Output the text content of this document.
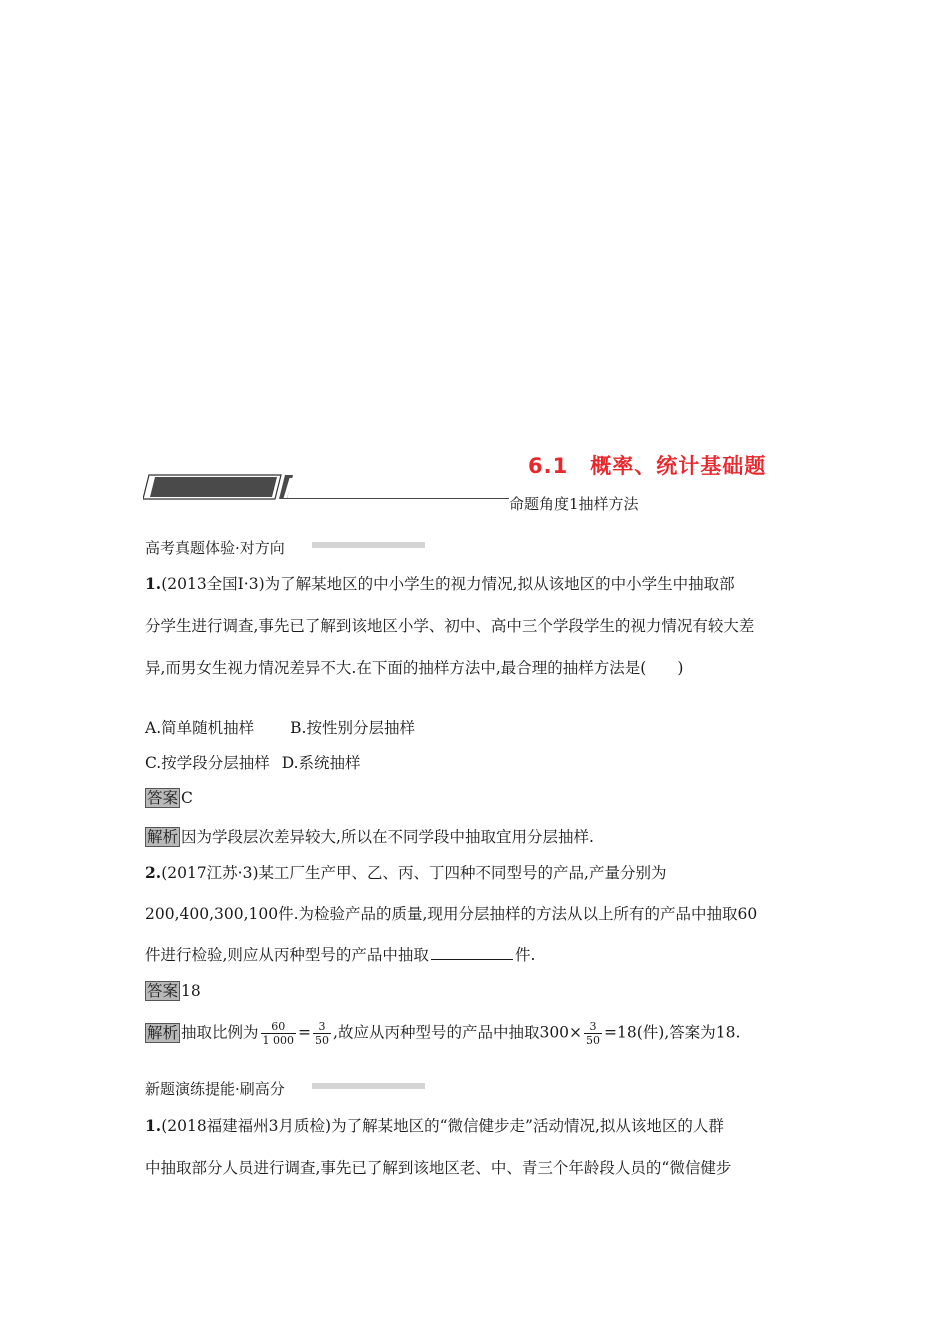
6.1 概率、统计基础题
命题角度1抽样方法
高考真题体验·对方向
1.(2013全国Ⅰ·3)为了解某地区的中小学生的视力情况,拟从该地区的中小学生中抽取部
分学生进行调查,事先已了解到该地区小学、初中、高中三个学段学生的视力情况有较大差
异,而男女生视力情况差异不大.在下面的抽样方法中,最合理的抽样方法是(　　)
A.简单随机抽样 B.按性别分层抽样
C.按学段分层抽样 D.系统抽样
答案 C
解析 因为学段层次差异较大,所以在不同学段中抽取宜用分层抽样.
2.(2017江苏·3)某工厂生产甲、乙、丙、丁四种不同型号的产品,产量分别为
200,400,300,100件.为检验产品的质量,现用分层抽样的方法从以上所有的产品中抽取60
件进行检验,则应从丙种型号的产品中抽取	件.
答案 18
解析 抽取比例为 $\frac{60}{1 000} = \frac{3}{50}$ ,故应从丙种型号的产品中抽取$300\times \frac{3}{50} =18$(件),答案为18.
新题演练提能·刷高分
1.(2018福建福州3月质检)为了解某地区的“微信健步走”活动情况,拟从该地区的人群
中抽取部分人员进行调查,事先已了解到该地区老、中、青三个年龄段人员的“微信健步
